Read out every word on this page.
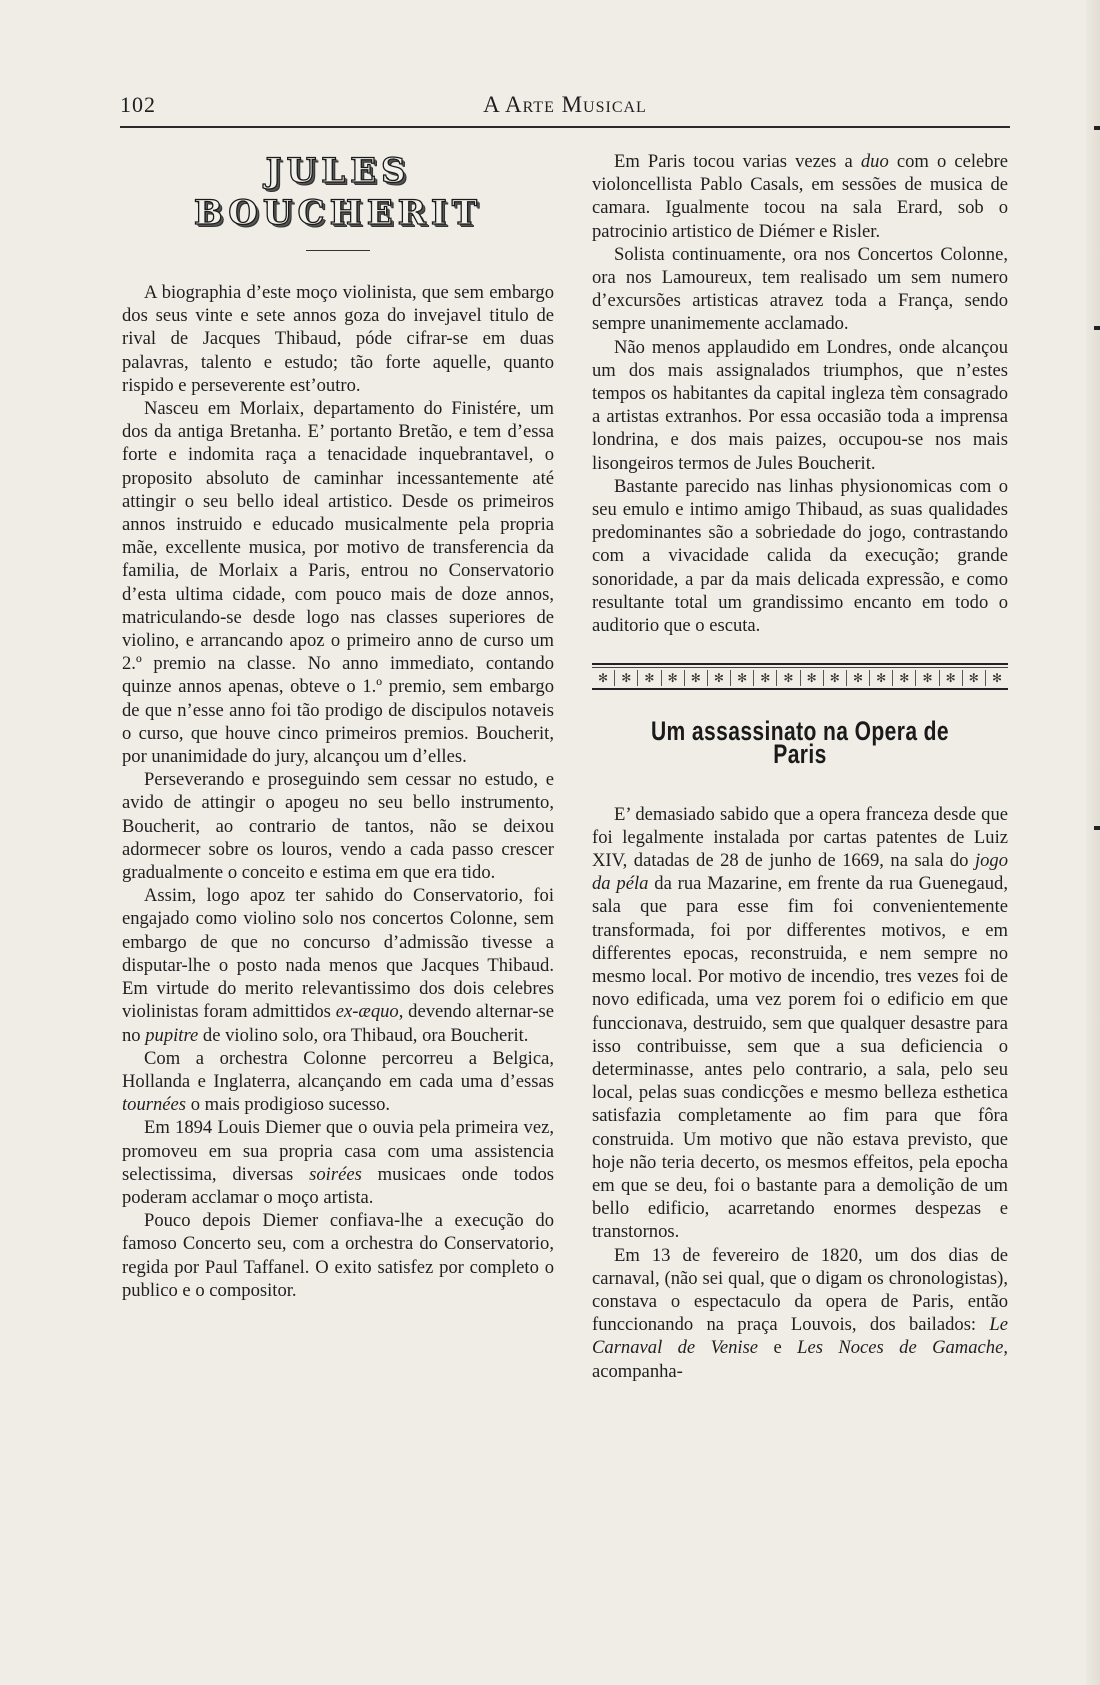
102	A Arte Musical
JULES BOUCHERIT

A biographia d’este moço violinista, que sem embargo dos seus vinte e sete annos goza do invejavel titulo de rival de Jacques Thibaud, póde cifrar-se em duas palavras, talento e estudo; tão forte aquelle, quanto rispido e perseverente est’outro.

Nasceu em Morlaix, departamento do Finistére, um dos da antiga Bretanha. E’ portanto Bretão, e tem d’essa forte e indomita raça a tenacidade inquebrantavel, o proposito absoluto de caminhar incessantemente até attingir o seu bello ideal artistico. Desde os primeiros annos instruido e educado musicalmente pela propria mãe, excellente musica, por motivo de transferencia da familia, de Morlaix a Paris, entrou no Conservatorio d’esta ultima cidade, com pouco mais de doze annos, matriculando-se desde logo nas classes superiores de violino, e arrancando apoz o primeiro anno de curso um 2.º premio na classe. No anno immediato, contando quinze annos apenas, obteve o 1.º premio, sem embargo de que n’esse anno foi tão prodigo de discipulos notaveis o curso, que houve cinco primeiros premios. Boucherit, por unanimidade do jury, alcançou um d’elles.

Perseverando e proseguindo sem cessar no estudo, e avido de attingir o apogeu no seu bello instrumento, Boucherit, ao contrario de tantos, não se deixou adormecer sobre os louros, vendo a cada passo crescer gradualmente o conceito e estima em que era tido.

Assim, logo apoz ter sahido do Conservatorio, foi engajado como violino solo nos concertos Colonne, sem embargo de que no concurso d’admissão tivesse a disputar-lhe o posto nada menos que Jacques Thibaud. Em virtude do merito relevantissimo dos dois celebres violinistas foram admittidos ex-æquo, devendo alternar-se no pupitre de violino solo, ora Thibaud, ora Boucherit.

Com a orchestra Colonne percorreu a Belgica, Hollanda e Inglaterra, alcançando em cada uma d’essas tournées o mais prodigioso sucesso.

Em 1894 Louis Diemer que o ouvia pela primeira vez, promoveu em sua propria casa com uma assistencia selectissima, diversas soirées musicaes onde todos poderam acclamar o moço artista.

Pouco depois Diemer confiava-lhe a execução do famoso Concerto seu, com a orchestra do Conservatorio, regida por Paul Taffanel. O exito satisfez por completo o publico e o compositor.

Em Paris tocou varias vezes a duo com o celebre violoncellista Pablo Casals, em sessões de musica de camara. Igualmente tocou na sala Erard, sob o patrocinio artistico de Diémer e Risler.

Solista continuamente, ora nos Concertos Colonne, ora nos Lamoureux, tem realisado um sem numero d’excursões artisticas atravez toda a França, sendo sempre unanimemente acclamado.

Não menos applaudido em Londres, onde alcançou um dos mais assignalados triumphos, que n’estes tempos os habitantes da capital ingleza tèm consagrado a artistas extranhos. Por essa occasião toda a imprensa londrina, e dos mais paizes, occupou-se nos mais lisongeiros termos de Jules Boucherit.

Bastante parecido nas linhas physionomicas com o seu emulo e intimo amigo Thibaud, as suas qualidades predominantes são a sobriedade do jogo, contrastando com a vivacidade calida da execução; grande sonoridade, a par da mais delicada expressão, e como resultante total um grandissimo encanto em todo o auditorio que o escuta.

✻	✻	✻	✻	✻	✻	✻	✻	✻	✻	✻	✻	✻	✻	✻	✻	✻	✻
Um assassinato na Opera de Paris

E’ demasiado sabido que a opera franceza desde que foi legalmente instalada por cartas patentes de Luiz XIV, datadas de 28 de junho de 1669, na sala do jogo da péla da rua Mazarine, em frente da rua Guenegaud, sala que para esse fim foi convenientemente transformada, foi por differentes motivos, e em differentes epocas, reconstruida, e nem sempre no mesmo local. Por motivo de incendio, tres vezes foi de novo edificada, uma vez porem foi o edificio em que funccionava, destruido, sem que qualquer desastre para isso contribuisse, sem que a sua deficiencia o determinasse, antes pelo contrario, a sala, pelo seu local, pelas suas condicções e mesmo belleza esthetica satisfazia completamente ao fim para que fôra construida. Um motivo que não estava previsto, que hoje não teria decerto, os mesmos effeitos, pela epocha em que se deu, foi o bastante para a demolição de um bello edificio, acarretando enormes despezas e transtornos.

Em 13 de fevereiro de 1820, um dos dias de carnaval, (não sei qual, que o digam os chronologistas), constava o espectaculo da opera de Paris, então funccionando na praça Louvois, dos bailados: Le Carnaval de Venise e Les Noces de Gamache, acompanha-
